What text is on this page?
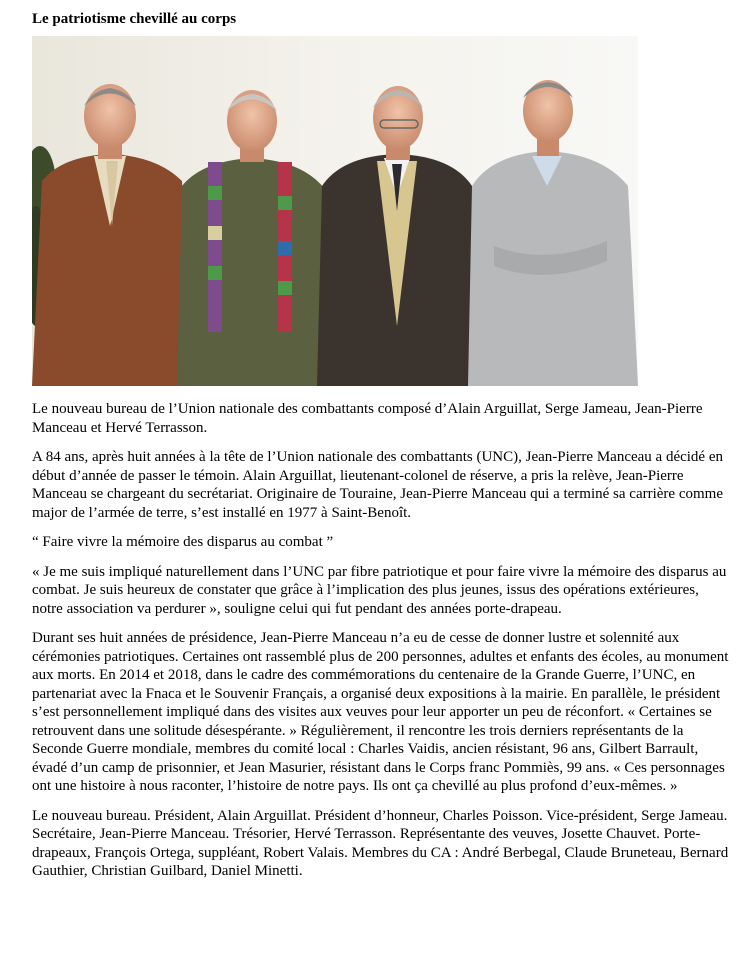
Le patriotisme chevillé au corps

Le nouveau bureau de l’Union nationale des combattants composé d’Alain Arguillat, Serge Jameau, Jean-Pierre Manceau et Hervé Terrasson.

A 84 ans, après huit années à la tête de l’Union nationale des combattants (UNC), Jean-Pierre Manceau a décidé en début d’année de passer le témoin. Alain Arguillat, lieutenant-colonel de réserve, a pris la relève, Jean-Pierre Manceau se chargeant du secrétariat. Originaire de Touraine, Jean-Pierre Manceau qui a terminé sa carrière comme major de l’armée de terre, s’est installé en 1977 à Saint-Benoît.

“ Faire vivre la mémoire des disparus au combat ”

« Je me suis impliqué naturellement dans l’UNC par fibre patriotique et pour faire vivre la mémoire des disparus au combat. Je suis heureux de constater que grâce à l’implication des plus jeunes, issus des opérations extérieures, notre association va perdurer », souligne celui qui fut pendant des années porte-drapeau.

Durant ses huit années de présidence, Jean-Pierre Manceau n’a eu de cesse de donner lustre et solennité aux cérémonies patriotiques. Certaines ont rassemblé plus de 200 personnes, adultes et enfants des écoles, au monument aux morts. En 2014 et 2018, dans le cadre des commémorations du centenaire de la Grande Guerre, l’UNC, en partenariat avec la Fnaca et le Souvenir Français, a organisé deux expositions à la mairie. En parallèle, le président s’est personnellement impliqué dans des visites aux veuves pour leur apporter un peu de réconfort. « Certaines se retrouvent dans une solitude désespérante. » Régulièrement, il rencontre les trois derniers représentants de la Seconde Guerre mondiale, membres du comité local : Charles Vaidis, ancien résistant, 96 ans, Gilbert Barrault, évadé d’un camp de prisonnier, et Jean Masurier, résistant dans le Corps franc Pommiès, 99 ans. « Ces personnages ont une histoire à nous raconter, l’histoire de notre pays. Ils ont ça chevillé au plus profond d’eux-mêmes. »

Le nouveau bureau. Président, Alain Arguillat. Président d’honneur, Charles Poisson. Vice-président, Serge Jameau. Secrétaire, Jean-Pierre Manceau. Trésorier, Hervé Terrasson. Représentante des veuves, Josette Chauvet. Porte-drapeaux, François Ortega, suppléant, Robert Valais. Membres du CA : André Berbegal, Claude Bruneteau, Bernard Gauthier, Christian Guilbard, Daniel Minetti.
